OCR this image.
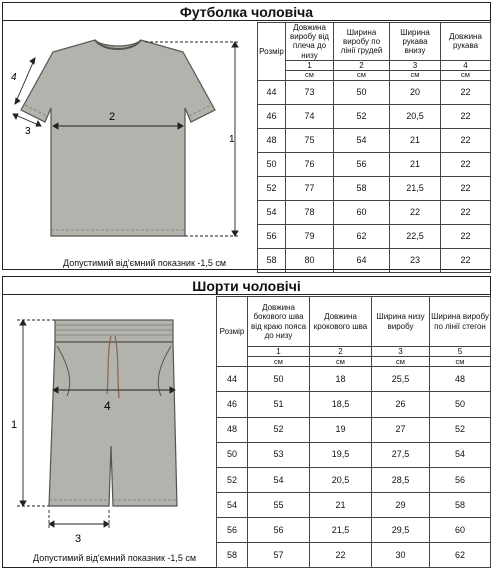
Футболка чоловіча
1
2
3
4
Допустимий від'ємний показник -1,5 см
Розмір	Довжина виробу від плеча до низу	Ширина виробу по лінії грудей	Ширина рукава внизу	Довжина рукава
	1	2	3	4
	см	см	см	см
44	73	50	20	22
46	74	52	20,5	22
48	75	54	21	22
50	76	56	21	22
52	77	58	21,5	22
54	78	60	22	22
56	79	62	22,5	22
58	80	64	23	22
Шорти чоловічі
1
3
4
Допустимий від'ємний показник -1,5 см
Розмір	Довжина бокового шва від краю пояса до низу	Довжина крокового шва	Ширина низу виробу	Ширина виробу по лінії стегон
	1	2	3	5
	см	см	см	см
44	50	18	25,5	48
46	51	18,5	26	50
48	52	19	27	52
50	53	19,5	27,5	54
52	54	20,5	28,5	56
54	55	21	29	58
56	56	21,5	29,5	60
58	57	22	30	62
